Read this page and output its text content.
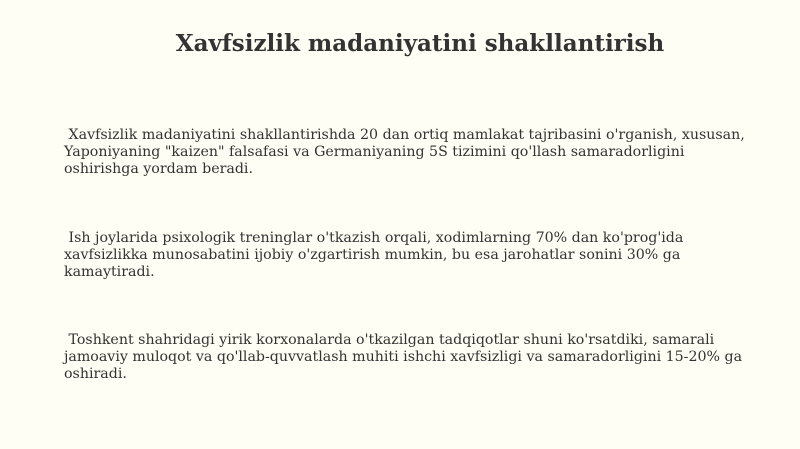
Xavfsizlik madaniyatini shakllantirish

Xavfsizlik madaniyatini shakllantirishda 20 dan ortiq mamlakat tajribasini o'rganish, xususan, Yaponiyaning "kaizen" falsafasi va Germaniyaning 5S tizimini qo'llash samaradorligini oshirishga yordam beradi.

Ish joylarida psixologik treninglar o'tkazish orqali, xodimlarning 70% dan ko'prog'ida xavfsizlikka munosabatini ijobiy o'zgartirish mumkin, bu esa jarohatlar sonini 30% ga kamaytiradi.

Toshkent shahridagi yirik korxonalarda o'tkazilgan tadqiqotlar shuni ko'rsatdiki, samarali jamoaviy muloqot va qo'llab-quvvatlash muhiti ishchi xavfsizligi va samaradorligini 15-20% ga oshiradi.
